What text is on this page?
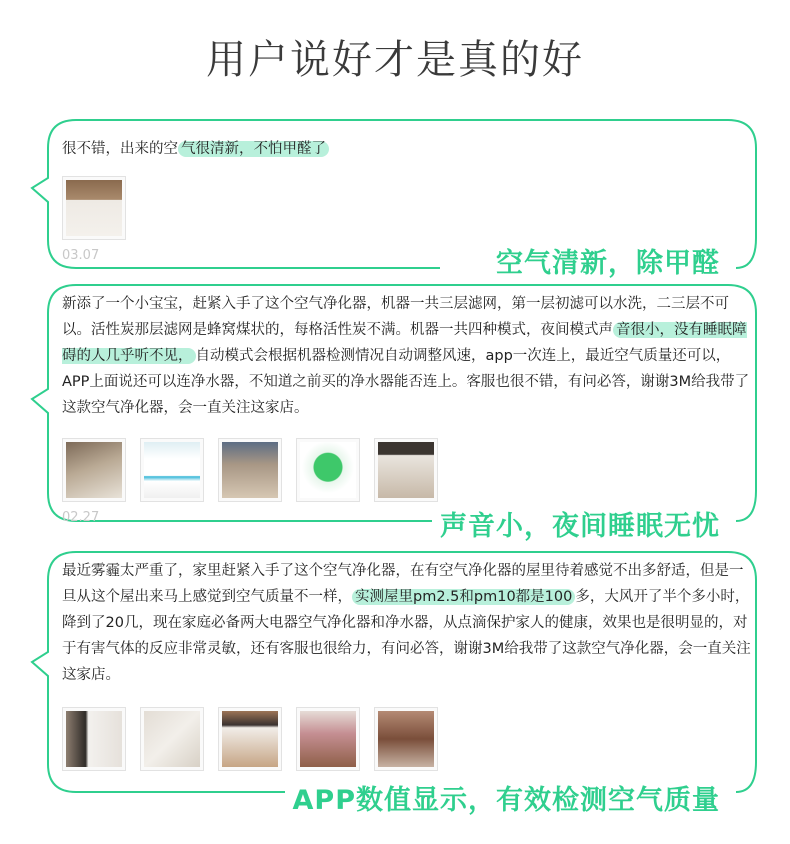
用户说好才是真的好
很不错，出来的空 气很清新，不怕甲醛了
03.07	空气清新，除甲醛
新添了一个小宝宝，赶紧入手了这个空气净化器，机器一共三层滤网，第一层初滤可以水洗，二三层不可以。活性炭那层滤网是蜂窝煤状的，每格活性炭不满。机器一共四种模式，夜间模式声 音很小，没有睡眠障碍的人几乎听不见， 自动模式会根据机器检测情况自动调整风速，app一次连上，最近空气质量还可以，APP上面说还可以连净水器，不知道之前买的净水器能否连上。客服也很不错，有问必答，谢谢3M给我带了这款空气净化器，会一直关注这家店。
02.27	声音小，夜间睡眠无忧
最近雾霾太严重了，家里赶紧入手了这个空气净化器，在有空气净化器的屋里待着感觉不出多舒适，但是一旦从这个屋出来马上感觉到空气质量不一样， 实测屋里pm2.5和pm10都是100 多，大风开了半个多小时，降到了20几，现在家庭必备两大电器空气净化器和净水器，从点滴保护家人的健康，效果也是很明显的，对于有害气体的反应非常灵敏，还有客服也很给力，有问必答，谢谢3M给我带了这款空气净化器，会一直关注这家店。
APP数值显示，有效检测空气质量
